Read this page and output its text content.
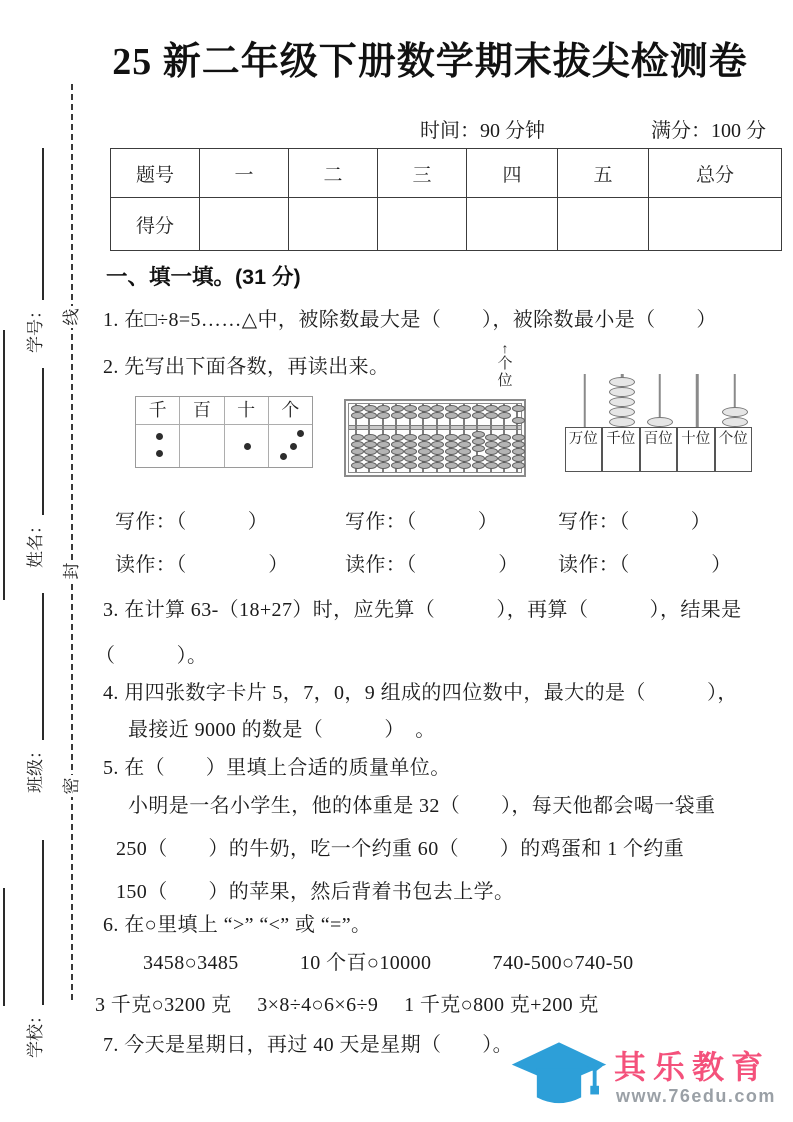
学号：
姓名：
班级：
学校：
线
封
密
25 新二年级下册数学期末拔尖检测卷
时间：90 分钟	满分：100 分
题号	一	二	三	四	五	总分
得分						
一、填一填。(31 分)
1. 在□÷8=5……△中，被除数最大是（　　），被除数最小是（　　）
2. 先写出下面各数，再读出来。
千	百	十	个
↑
个位
万位 千位 百位 十位 个位
写作：（　　　）	写作：（　　　）	写作：（　　　）
读作：（　　　　）	读作：（　　　　） 读作：（　　　　）
3. 在计算 63-（18+27）时，应先算（　　　），再算（　　　），结果是
（　　　）。
4. 用四张数字卡片 5，7，0，9 组成的四位数中，最大的是（　　　），
最接近 9000 的数是（　　　）　。
5. 在（　　）里填上合适的质量单位。
小明是一名小学生，他的体重是 32（　　），每天他都会喝一袋重
250（　　）的牛奶，吃一个约重 60（　　）的鸡蛋和 1 个约重
150（　　）的苹果，然后背着书包去上学。
6. 在○里填上 “>” “<” 或 “=”。
3458○3485　　　10 个百○10000　　　740-500○740-50
3 千克○3200 克　 3×8÷4○6×6÷9　 1 千克○800 克+200 克
7. 今天是星期日，再过 40 天是星期（　　）。
其乐教育
www.76edu.com
